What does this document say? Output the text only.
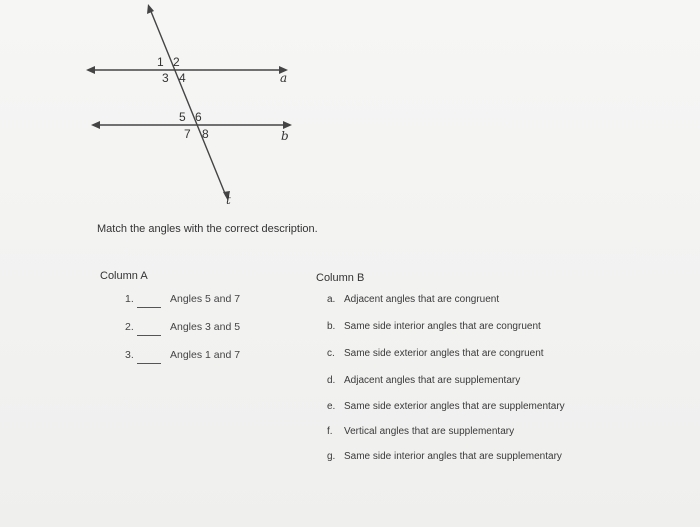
1 2
3 4
5 6
7 8
a
b
t
Match the angles with the correct description.
Column A	Column B
1.	Angles 5 and 7
2.	Angles 3 and 5
3.	Angles 1 and 7
a. Adjacent angles that are congruent
b. Same side interior angles that are congruent
c. Same side exterior angles that are congruent
d. Adjacent angles that are supplementary
e. Same side exterior angles that are supplementary
f. Vertical angles that are supplementary
g. Same side interior angles that are supplementary
